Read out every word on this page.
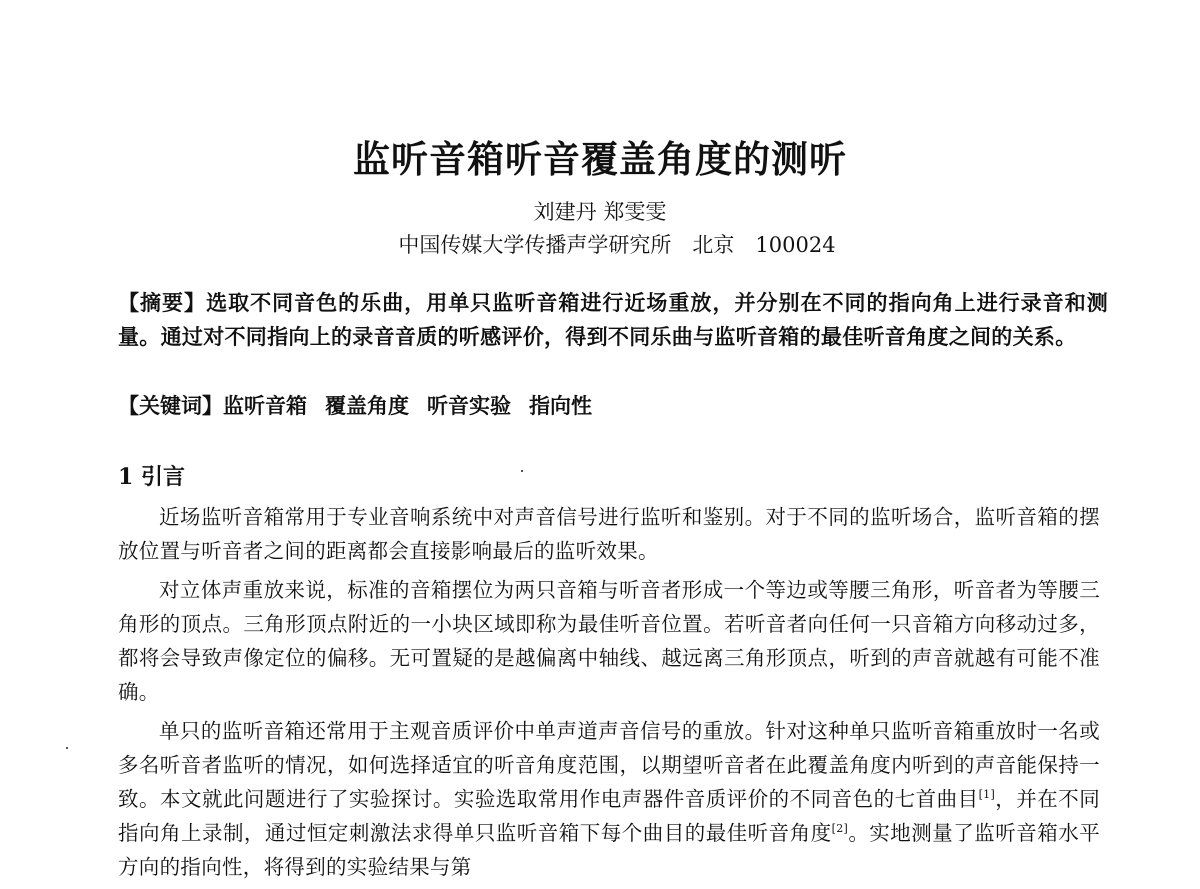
监听音箱听音覆盖角度的测听
刘建丹 郑雯雯
中国传媒大学传播声学研究所　北京　100024
【摘要】选取不同音色的乐曲，用单只监听音箱进行近场重放，并分别在不同的指向角上进行录音和测量。通过对不同指向上的录音音质的听感评价，得到不同乐曲与监听音箱的最佳听音角度之间的关系。
【关键词】监听音箱 覆盖角度 听音实验 指向性
1 引言

近场监听音箱常用于专业音响系统中对声音信号进行监听和鉴别。对于不同的监听场合，监听音箱的摆放位置与听音者之间的距离都会直接影响最后的监听效果。

对立体声重放来说，标准的音箱摆位为两只音箱与听音者形成一个等边或等腰三角形，听音者为等腰三角形的顶点。三角形顶点附近的一小块区域即称为最佳听音位置。若听音者向任何一只音箱方向移动过多，都将会导致声像定位的偏移。无可置疑的是越偏离中轴线、越远离三角形顶点，听到的声音就越有可能不准确。

单只的监听音箱还常用于主观音质评价中单声道声音信号的重放。针对这种单只监听音箱重放时一名或多名听音者监听的情况，如何选择适宜的听音角度范围，以期望听音者在此覆盖角度内听到的声音能保持一致。本文就此问题进行了实验探讨。实验选取常用作电声器件音质评价的不同音色的七首曲目[1]，并在不同指向角上录制，通过恒定刺激法求得单只监听音箱下每个曲目的最佳听音角度[2]。实地测量了监听音箱水平方向的指向性，将得到的实验结果与第
